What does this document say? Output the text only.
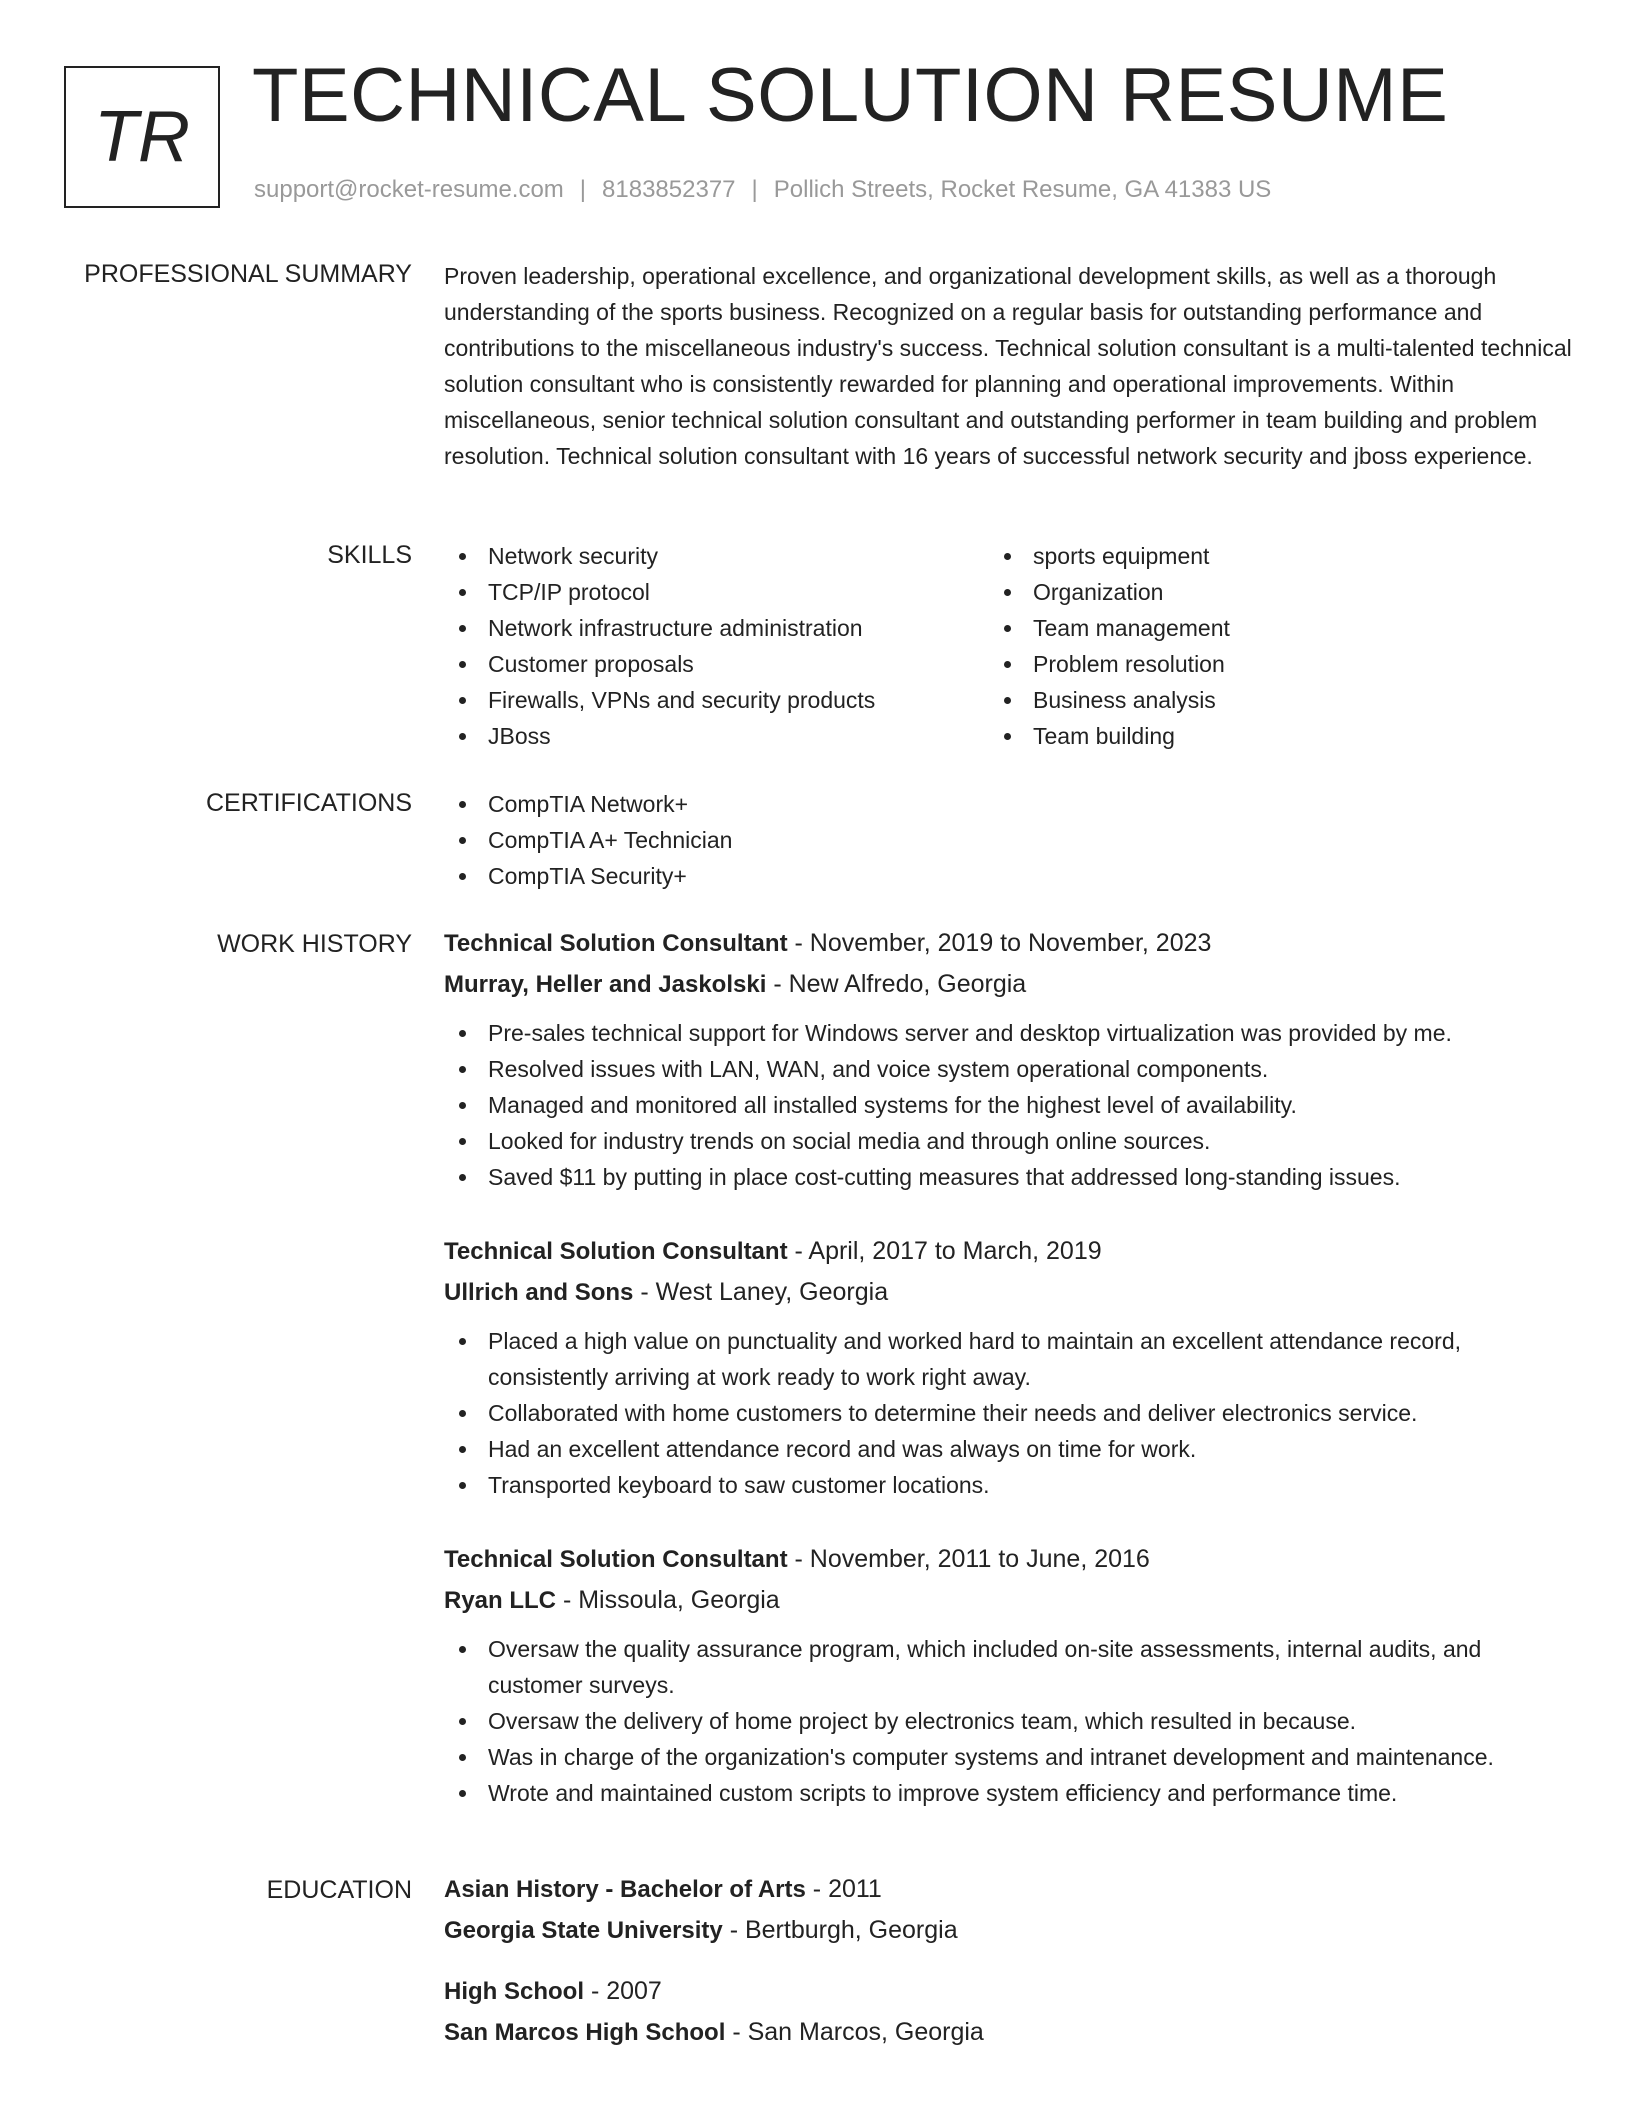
TR TECHNICAL SOLUTION RESUME
support@rocket-resume.com | 8183852377 | Pollich Streets, Rocket Resume, GA 41383 US
PROFESSIONAL SUMMARY Proven leadership, operational excellence, and organizational development skills, as well as a thorough understanding of the sports business. Recognized on a regular basis for outstanding performance and contributions to the miscellaneous industry's success. Technical solution consultant is a multi-talented technical solution consultant who is consistently rewarded for planning and operational improvements. Within miscellaneous, senior technical solution consultant and outstanding performer in team building and problem resolution. Technical solution consultant with 16 years of successful network security and jboss experience.

SKILLS	Network security
TCP/IP protocol
Network infrastructure administration
Customer proposals
Firewalls, VPNs and security products
JBoss
sports equipment
Organization
Team management
Problem resolution
Business analysis
Team building
CERTIFICATIONS	CompTIA Network+
CompTIA A+ Technician
CompTIA Security+
WORK HISTORY Technical Solution Consultant - November, 2019 to November, 2023
Murray, Heller and Jaskolski - New Alfredo, Georgia
Pre-sales technical support for Windows server and desktop virtualization was provided by me.
Resolved issues with LAN, WAN, and voice system operational components.
Managed and monitored all installed systems for the highest level of availability.
Looked for industry trends on social media and through online sources.
Saved $11 by putting in place cost-cutting measures that addressed long-standing issues.
Technical Solution Consultant - April, 2017 to March, 2019
Ullrich and Sons - West Laney, Georgia
Placed a high value on punctuality and worked hard to maintain an excellent attendance record, consistently arriving at work ready to work right away.
Collaborated with home customers to determine their needs and deliver electronics service.
Had an excellent attendance record and was always on time for work.
Transported keyboard to saw customer locations.
Technical Solution Consultant - November, 2011 to June, 2016
Ryan LLC - Missoula, Georgia
Oversaw the quality assurance program, which included on-site assessments, internal audits, and customer surveys.
Oversaw the delivery of home project by electronics team, which resulted in because.
Was in charge of the organization's computer systems and intranet development and maintenance.
Wrote and maintained custom scripts to improve system efficiency and performance time.
EDUCATION Asian History - Bachelor of Arts - 2011
Georgia State University - Bertburgh, Georgia
High School - 2007
San Marcos High School - San Marcos, Georgia
